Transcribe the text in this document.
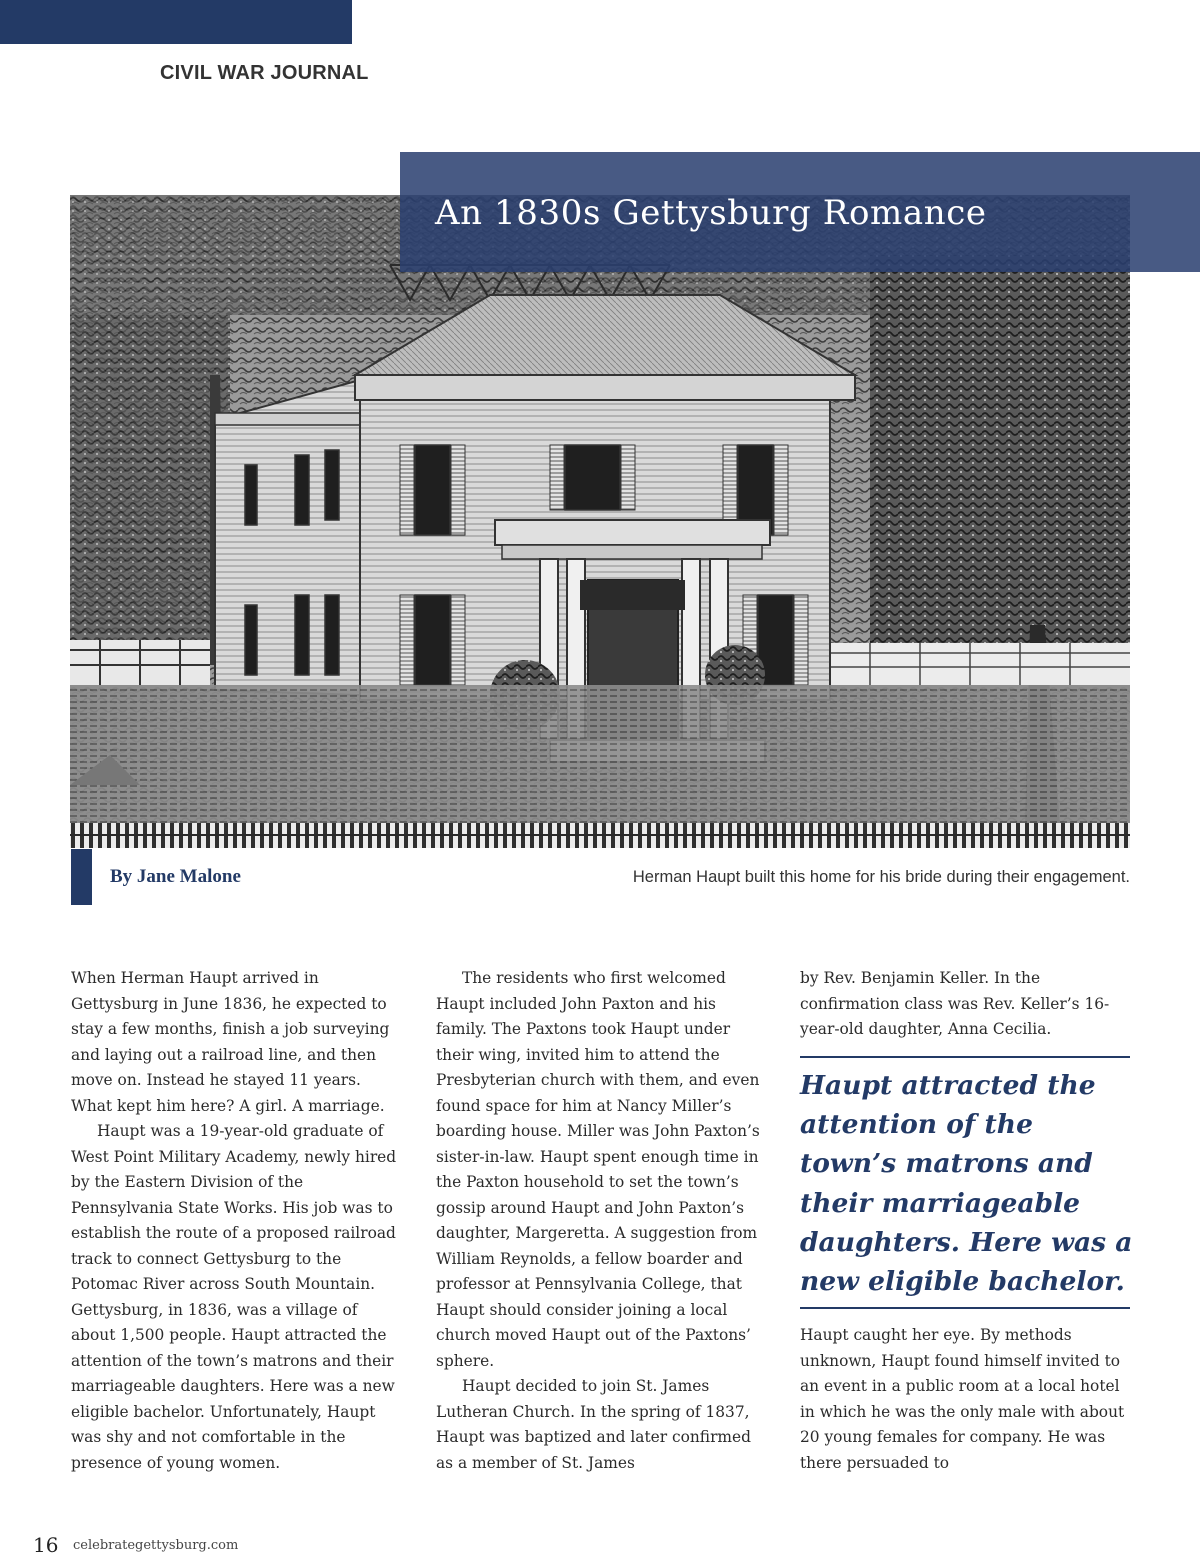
CIVIL WAR JOURNAL
An 1830s Gettysburg Romance
By Jane Malone	Herman Haupt built this home for his bride during their engagement.

When Herman Haupt arrived in Gettysburg in June 1836, he expected to stay a few months, finish a job surveying and laying out a railroad line, and then move on. Instead he stayed 11 years. What kept him here? A girl. A marriage.

Haupt was a 19-year-old graduate of West Point Military Academy, newly hired by the Eastern Division of the Pennsylvania State Works. His job was to establish the route of a proposed railroad track to connect Gettysburg to the Potomac River across South Mountain. Gettysburg, in 1836, was a village of about 1,500 people. Haupt attracted the attention of the town’s matrons and their marriageable daughters. Here was a new eligible bachelor. Unfortunately, Haupt was shy and not comfortable in the presence of young women.

The residents who first welcomed Haupt included John Paxton and his family. The Paxtons took Haupt under their wing, invited him to attend the Presbyterian church with them, and even found space for him at Nancy Miller’s boarding house. Miller was John Paxton’s sister-in-law. Haupt spent enough time in the Paxton household to set the town’s gossip around Haupt and John Paxton’s daughter, Margeretta. A suggestion from William Reynolds, a fellow boarder and professor at Pennsylvania College, that Haupt should consider joining a local church moved Haupt out of the Paxtons’ sphere.

Haupt decided to join St. James Lutheran Church. In the spring of 1837, Haupt was baptized and later confirmed as a member of St. James

by Rev. Benjamin Keller. In the confirmation class was Rev. Keller’s 16-year-old daughter, Anna Cecilia.

Haupt attracted the attention of the town’s matrons and their marriageable daughters. Here was a new eligible bachelor.
Haupt caught her eye. By methods unknown, Haupt found himself invited to an event in a public room at a local hotel in which he was the only male with about 20 young females for company. He was there persuaded to
16 celebrategettysburg.com
